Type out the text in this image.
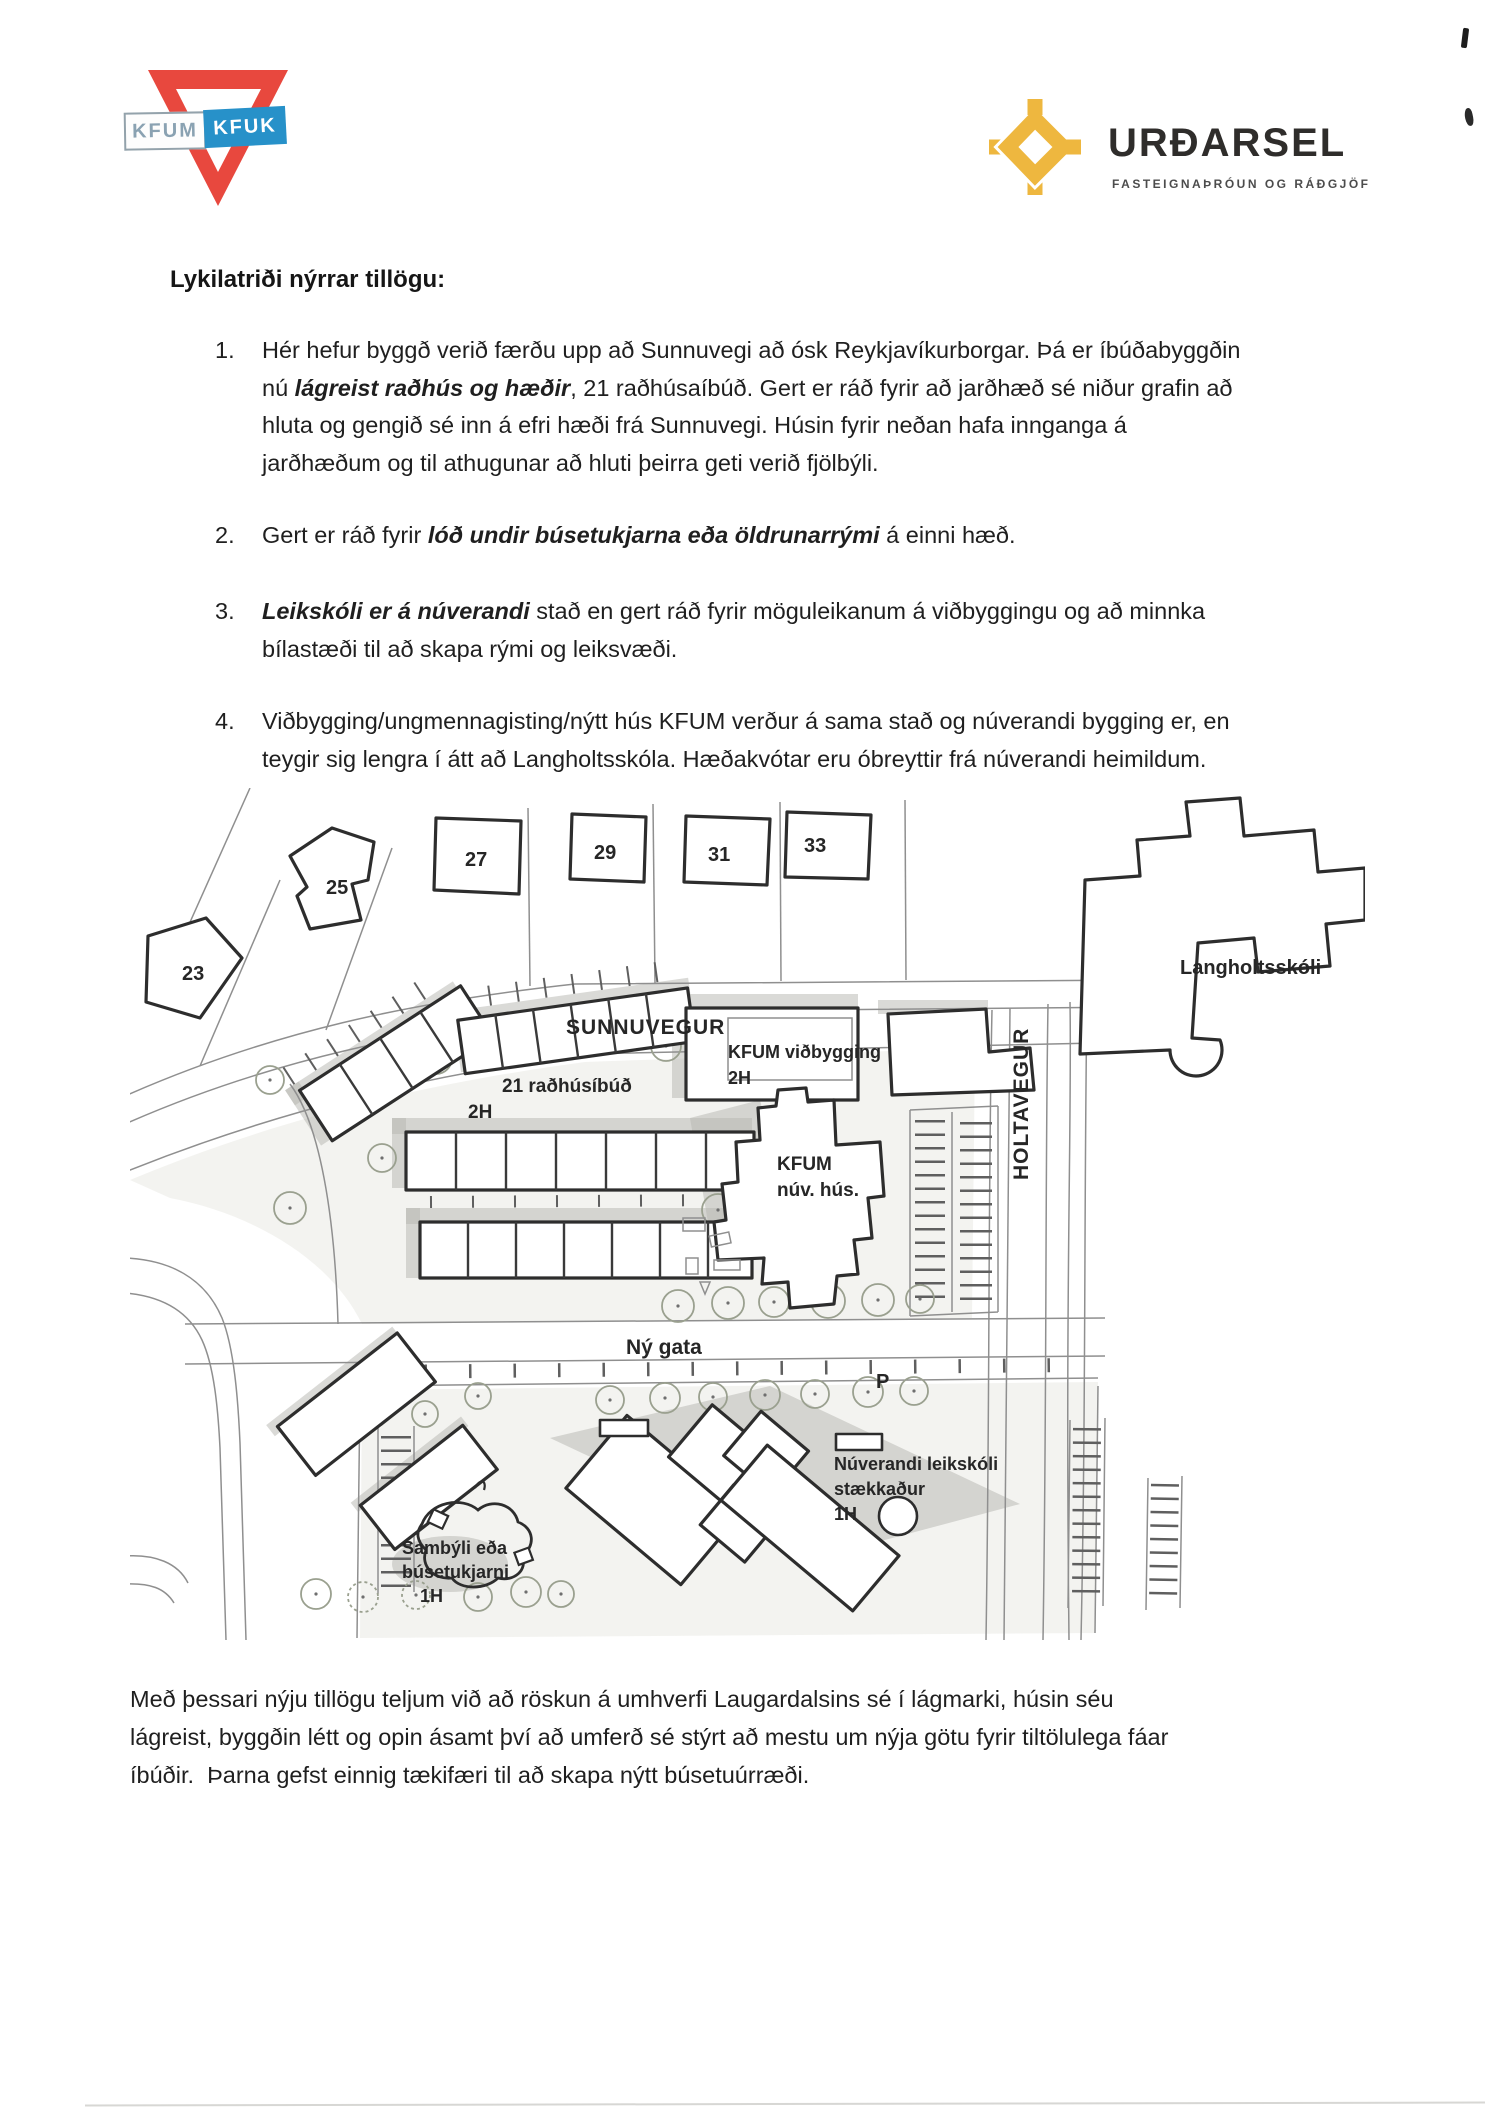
KFUM KFUK	URÐARSEL
FASTEIGNAÞRÓUN OG RÁÐGJÖF
Lykilatriði nýrrar tillögu:
1.	Hér hefur byggð verið færðu upp að Sunnuvegi að ósk Reykjavíkurborgar. Þá er íbúðabyggðin
nú lágreist raðhús og hæðir, 21 raðhúsaíbúð. Gert er ráð fyrir að jarðhæð sé niður grafin að
hluta og gengið sé inn á efri hæði frá Sunnuvegi. Húsin fyrir neðan hafa innganga á
jarðhæðum og til athugunar að hluti þeirra geti verið fjölbýli.
2.	Gert er ráð fyrir lóð undir búsetukjarna eða öldrunarrými á einni hæð.
3.	Leikskóli er á núverandi stað en gert ráð fyrir möguleikanum á viðbyggingu og að minnka
bílastæði til að skapa rými og leiksvæði.
4.	Viðbygging/ungmennagisting/nýtt hús KFUM verður á sama stað og núverandi bygging er, en
teygir sig lengra í átt að Langholtsskóla. Hæðakvótar eru óbreyttir frá núverandi heimildum.
Með þessari nýju tillögu teljum við að röskun á umhverfi Laugardalsins sé í lágmarki, húsin séu
lágreist, byggðin létt og opin ásamt því að umferð sé stýrt að mestu um nýja götu fyrir tiltölulega fáar
íbúðir.  Þarna gefst einnig tækifæri til að skapa nýtt búsetuúrræði.
SUNNUVEGUR
HOLTAVEGUR
Langholtsskóli
23
25
27	29	31	33
21 raðhúsíbúð
2H
KFUM viðbygging
2H
KFUM
núv. hús.
Ný gata
P
Núverandi leikskóli
stækkaður
1H
Sambýli eða
búsetukjarni
1H
